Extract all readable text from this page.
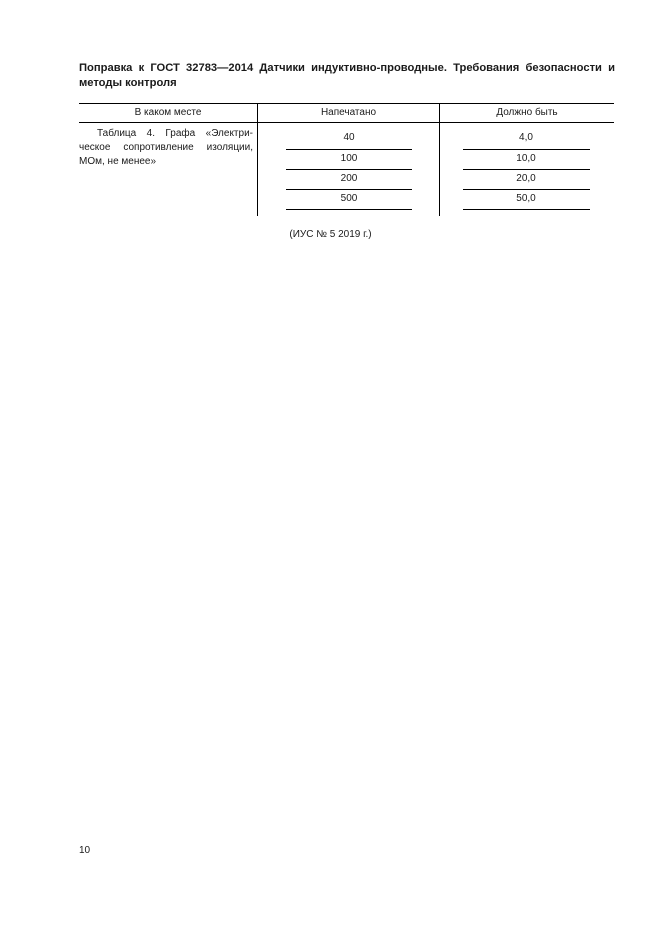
Поправка к ГОСТ 32783—2014 Датчики индуктивно-проводные. Требования безопасности и методы контроля

В каком месте	Напечатано	Должно быть
Таблица 4. Графа «Электри-
ческое сопротивление изоляции,
МОм, не менее»
40
100
200
500
4,0
10,0
20,0
50,0
(ИУС № 5 2019 г.)
10
